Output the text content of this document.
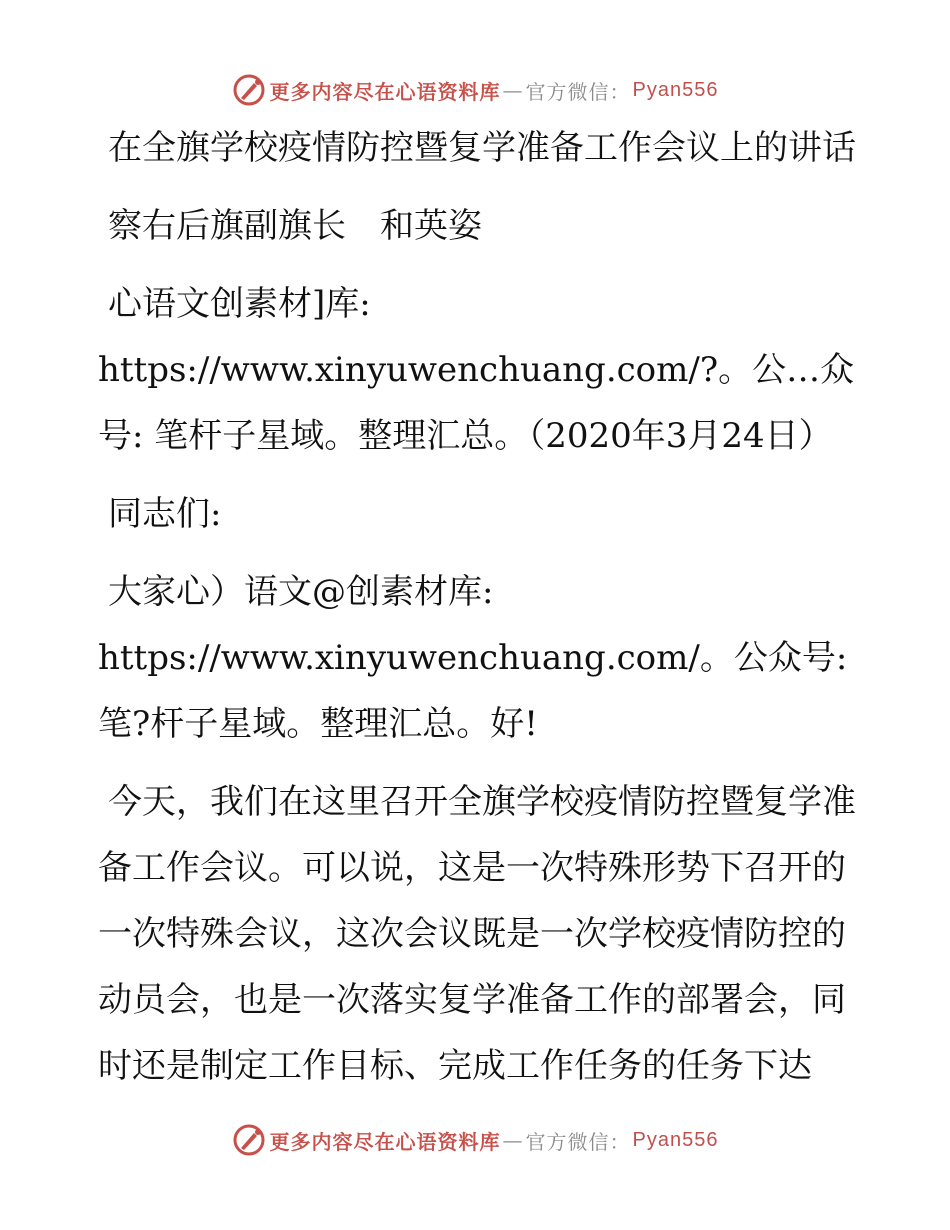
更多内容尽在心语资料库 — 官方微信： Pyan556

在全旗学校疫情防控暨复学准备工作会议上的讲话

察右后旗副旗长　和英姿

心语文创素材]库: https://www.xinyuwenchuang.com/?。公…众号: 笔杆子星域。整理汇总。（2020年3月24日）

同志们:

大家心）语文@创素材库: https://www.xinyuwenchuang.com/。公众号: 笔?杆子星域。整理汇总。好!

今天，我们在这里召开全旗学校疫情防控暨复学准备工作会议。可以说，这是一次特殊形势下召开的一次特殊会议，这次会议既是一次学校疫情防控的动员会，也是一次落实复学准备工作的部署会，同时还是制定工作目标、完成工作任务的任务下达

更多内容尽在心语资料库 — 官方微信： Pyan556
